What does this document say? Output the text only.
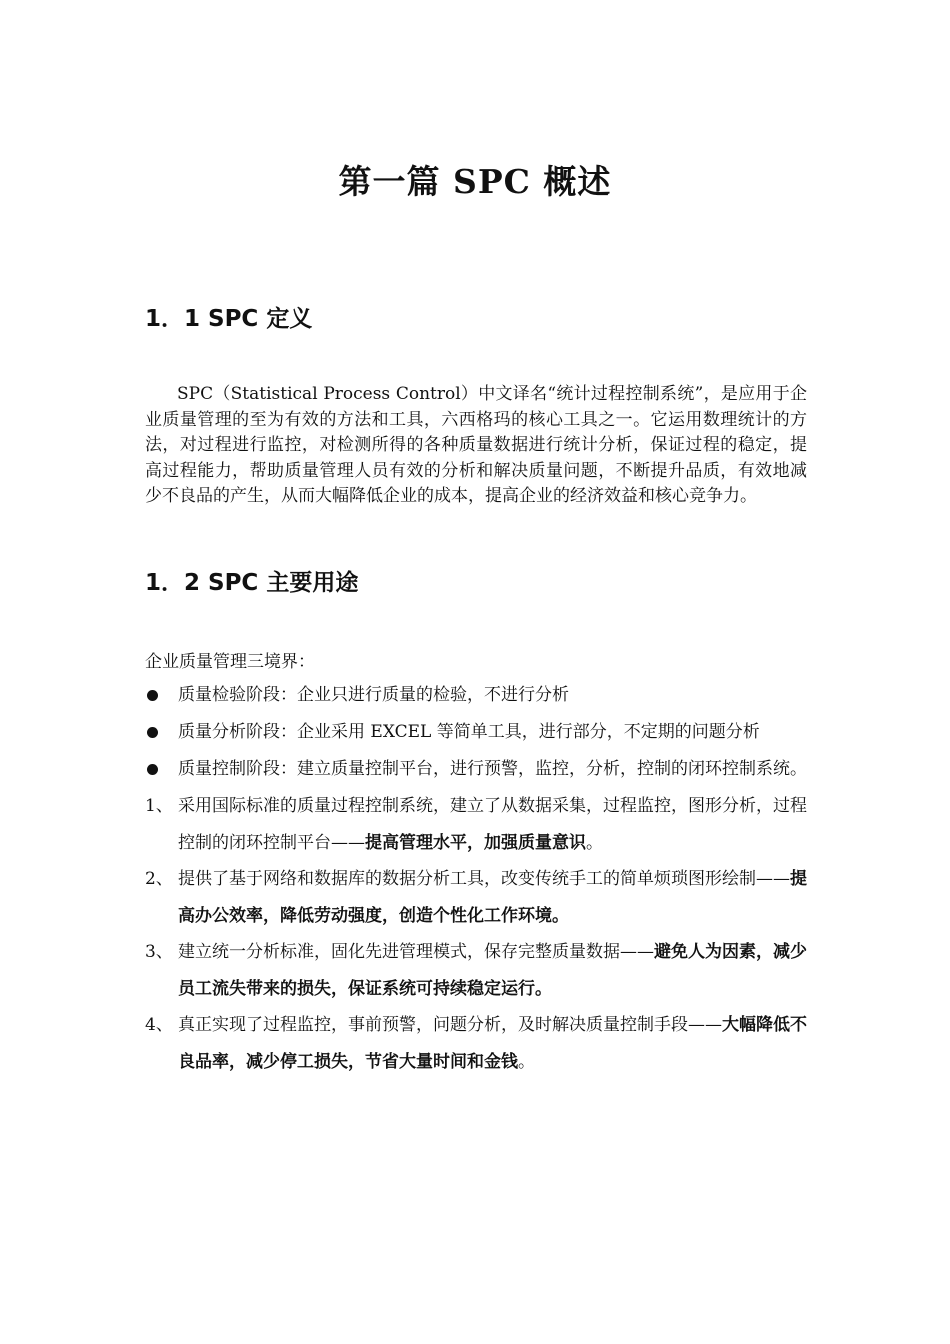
第一篇 SPC 概述
1．1 SPC 定义

SPC（Statistical Process Control）中文译名“统计过程控制系统”，是应用于企业质量管理的至为有效的方法和工具，六西格玛的核心工具之一。它运用数理统计的方法，对过程进行监控，对检测所得的各种质量数据进行统计分析，保证过程的稳定，提高过程能力，帮助质量管理人员有效的分析和解决质量问题，不断提升品质，有效地减少不良品的产生，从而大幅降低企业的成本，提高企业的经济效益和核心竞争力。

1．2 SPC 主要用途

企业质量管理三境界：

质量检验阶段：企业只进行质量的检验，不进行分析
质量分析阶段：企业采用 EXCEL 等简单工具，进行部分，不定期的问题分析
质量控制阶段：建立质量控制平台，进行预警，监控，分析，控制的闭环控制系统。
1、 采用国际标准的质量过程控制系统，建立了从数据采集，过程监控，图形分析，过程控制的闭环控制平台——提高管理水平，加强质量意识。
2、 提供了基于网络和数据库的数据分析工具，改变传统手工的简单烦琐图形绘制——提高办公效率，降低劳动强度，创造个性化工作环境。
3、 建立统一分析标准，固化先进管理模式，保存完整质量数据——避免人为因素，减少员工流失带来的损失，保证系统可持续稳定运行。
4、 真正实现了过程监控，事前预警，问题分析，及时解决质量控制手段——大幅降低不良品率，减少停工损失，节省大量时间和金钱。
